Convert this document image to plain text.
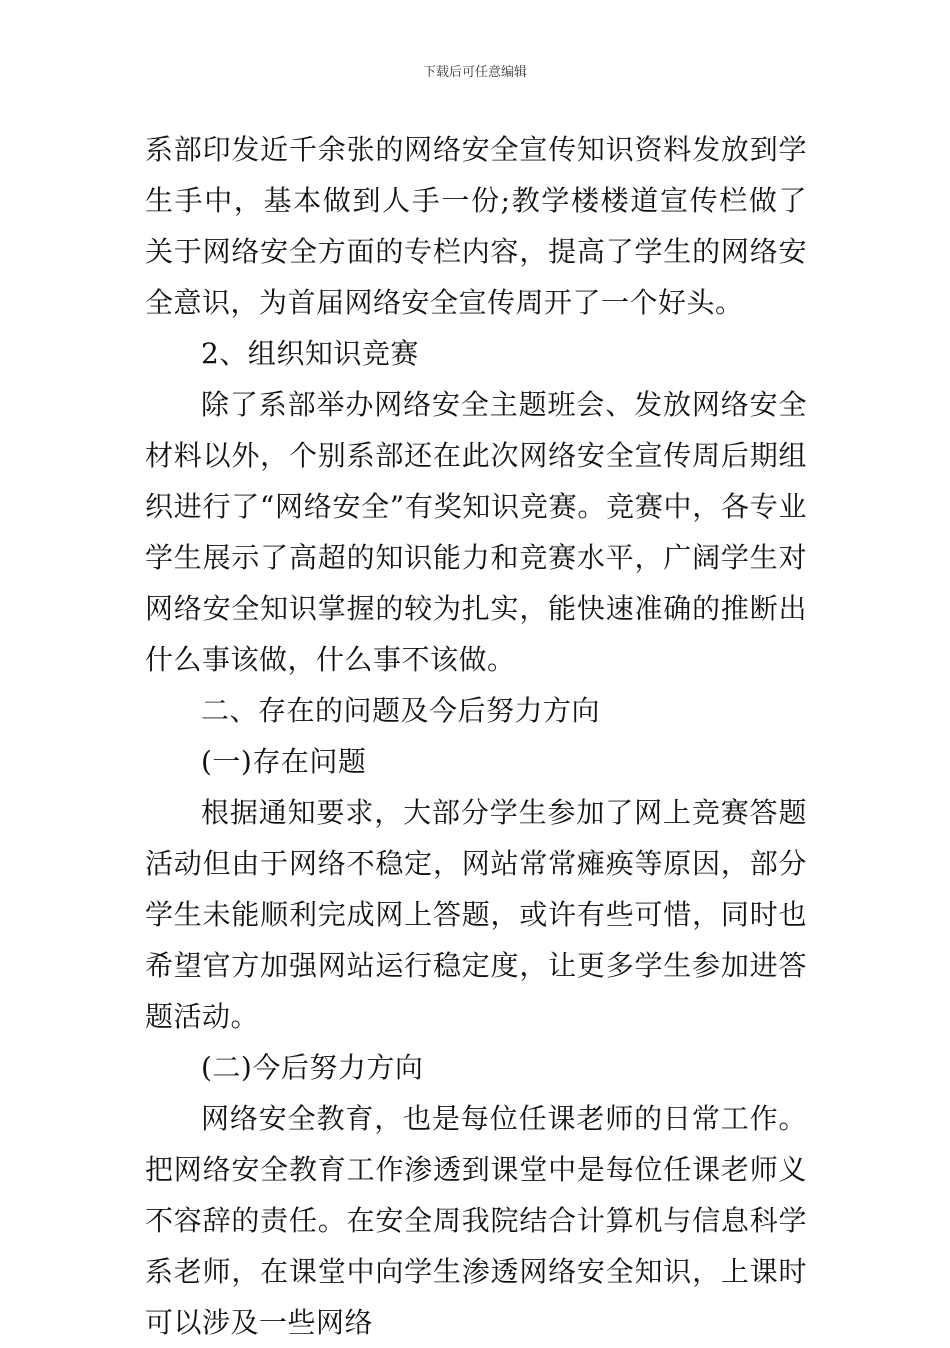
下载后可任意编辑

系部印发近千余张的网络安全宣传知识资料发放到学生手中，基本做到人手一份;教学楼楼道宣传栏做了关于网络安全方面的专栏内容，提高了学生的网络安全意识，为首届网络安全宣传周开了一个好头。

2、组织知识竞赛

除了系部举办网络安全主题班会、发放网络安全材料以外，个别系部还在此次网络安全宣传周后期组织进行了“网络安全”有奖知识竞赛。竞赛中，各专业学生展示了高超的知识能力和竞赛水平，广阔学生对网络安全知识掌握的较为扎实，能快速准确的推断出什么事该做，什么事不该做。

二、存在的问题及今后努力方向

(一)存在问题

根据通知要求，大部分学生参加了网上竞赛答题活动但由于网络不稳定，网站常常瘫痪等原因，部分学生未能顺利完成网上答题，或许有些可惜，同时也希望官方加强网站运行稳定度，让更多学生参加进答题活动。

(二)今后努力方向

网络安全教育，也是每位任课老师的日常工作。把网络安全教育工作渗透到课堂中是每位任课老师义不容辞的责任。在安全周我院结合计算机与信息科学系老师，在课堂中向学生渗透网络安全知识，上课时可以涉及一些网络
